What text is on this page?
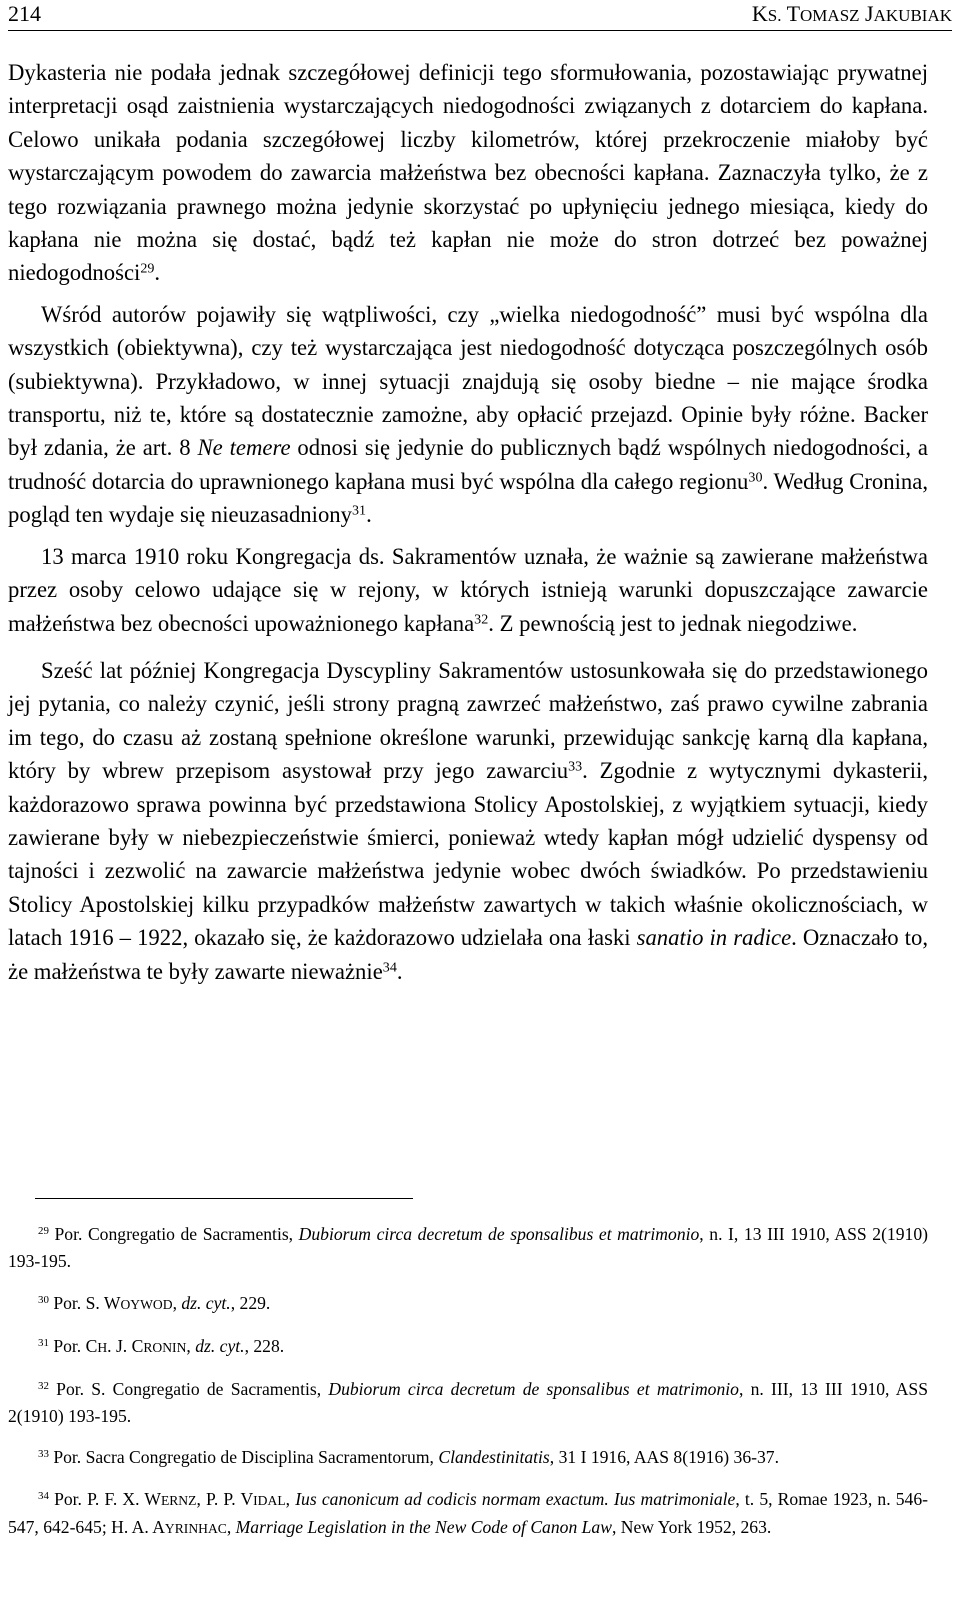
214	KS. TOMASZ JAKUBIAK

Dykasteria nie podała jednak szczegółowej definicji tego sformułowania, pozostawiając prywatnej interpretacji osąd zaistnienia wystarczających niedogodności związanych z dotarciem do kapłana. Celowo unikała podania szczegółowej liczby kilometrów, której przekroczenie miałoby być wystarczającym powodem do zawarcia małżeństwa bez obecności kapłana. Zaznaczyła tylko, że z tego rozwiązania prawnego można jedynie skorzystać po upłynięciu jednego miesiąca, kiedy do kapłana nie można się dostać, bądź też kapłan nie może do stron dotrzeć bez poważnej niedogodności$^{29}$.

Wśród autorów pojawiły się wątpliwości, czy „wielka niedogodność” musi być wspólna dla wszystkich (obiektywna), czy też wystarczająca jest niedogodność dotycząca poszczególnych osób (subiektywna). Przykładowo, w innej sytuacji znajdują się osoby biedne – nie mające środka transportu, niż te, które są dostatecznie zamożne, aby opłacić przejazd. Opinie były różne. Backer był zdania, że art. 8 Ne temere odnosi się jedynie do publicznych bądź wspólnych niedogodności, a trudność dotarcia do uprawnionego kapłana musi być wspólna dla całego regionu$^{30}$. Według Cronina, pogląd ten wydaje się nieuzasadniony$^{31}$.

13 marca 1910 roku Kongregacja ds. Sakramentów uznała, że ważnie są zawierane małżeństwa przez osoby celowo udające się w rejony, w których istnieją warunki dopuszczające zawarcie małżeństwa bez obecności upoważnionego kapłana$^{32}$. Z pewnością jest to jednak niegodziwe.

Sześć lat później Kongregacja Dyscypliny Sakramentów ustosunkowała się do przedstawionego jej pytania, co należy czynić, jeśli strony pragną zawrzeć małżeństwo, zaś prawo cywilne zabrania im tego, do czasu aż zostaną spełnione określone warunki, przewidując sankcję karną dla kapłana, który by wbrew przepisom asystował przy jego zawarciu$^{33}$. Zgodnie z wytycznymi dykasterii, każdorazowo sprawa powinna być przedstawiona Stolicy Apostolskiej, z wyjątkiem sytuacji, kiedy zawierane były w niebezpieczeństwie śmierci, ponieważ wtedy kapłan mógł udzielić dyspensy od tajności i zezwolić na zawarcie małżeństwa jedynie wobec dwóch świadków. Po przedstawieniu Stolicy Apostolskiej kilku przypadków małżeństw zawartych w takich właśnie okolicznościach, w latach 1916 – 1922, okazało się, że każdorazowo udzielała ona łaski sanatio in radice. Oznaczało to, że małżeństwa te były zawarte nieważnie$^{34}$.

$^{29}$ Por. Congregatio de Sacramentis, Dubiorum circa decretum de sponsalibus et matrimonio, n. I, 13 III 1910, ASS 2(1910) 193-195.

$^{30}$ Por. S. WOYWOD, dz. cyt., 229.

$^{31}$ Por. CH. J. CRONIN, dz. cyt., 228.

$^{32}$ Por. S. Congregatio de Sacramentis, Dubiorum circa decretum de sponsalibus et matrimonio, n. III, 13 III 1910, ASS 2(1910) 193-195.

$^{33}$ Por. Sacra Congregatio de Disciplina Sacramentorum, Clandestinitatis, 31 I 1916, AAS 8(1916) 36-37.

$^{34}$ Por. P. F. X. WERNZ, P. P. VIDAL, Ius canonicum ad codicis normam exactum. Ius matrimoniale, t. 5, Romae 1923, n. 546-547, 642-645; H. A. AYRINHAC, Marriage Legislation in the New Code of Canon Law, New York 1952, 263.
